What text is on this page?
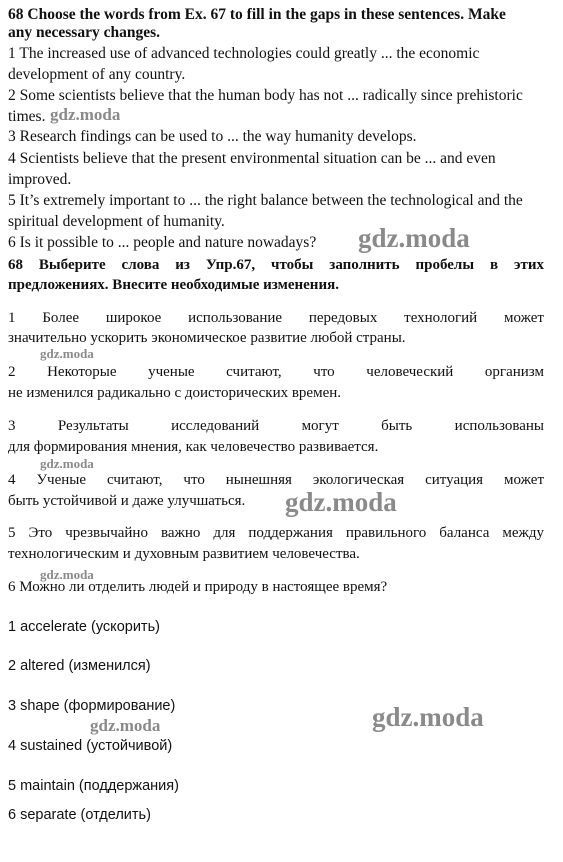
68 Choose the words from Ex. 67 to fill in the gaps in these sentences. Make
any necessary changes.
1 The increased use of advanced technologies could greatly ... the economic
development of any country.
2 Some scientists believe that the human body has not ... radically since prehistoric
times.
3 Research findings can be used to ... the way humanity develops.
4 Scientists believe that the present environmental situation can be ... and even
improved.
5 It’s extremely important to ... the right balance between the technological and the
spiritual development of humanity.
6 Is it possible to ... people and nature nowadays?
68 Выберите слова из Упр.67, чтобы заполнить пробелы в этих
предложениях. Внесите необходимые изменения.
1 Более широкое использование передовых технологий может
значительно ускорить экономическое развитие любой страны.
2 Некоторые ученые считают, что человеческий организм
не изменился радикально с доисторических времен.
3 Результаты исследований могут быть использованы
для формирования мнения, как человечество развивается.
4 Ученые считают, что нынешняя экологическая ситуация может
быть устойчивой и даже улучшаться.
5 Это чрезвычайно важно для поддержания правильного баланса между
технологическим и духовным развитием человечества.
6 Можно ли отделить людей и природу в настоящее время?
1 accelerate (ускорить)
2 altered (изменился)
3 shape (формирование)
4 sustained (устойчивой)
5 maintain (поддержания)
6 separate (отделить)
gdz.moda
gdz.moda
gdz.moda
gdz.moda
gdz.moda
gdz.moda
gdz.moda
gdz.moda
